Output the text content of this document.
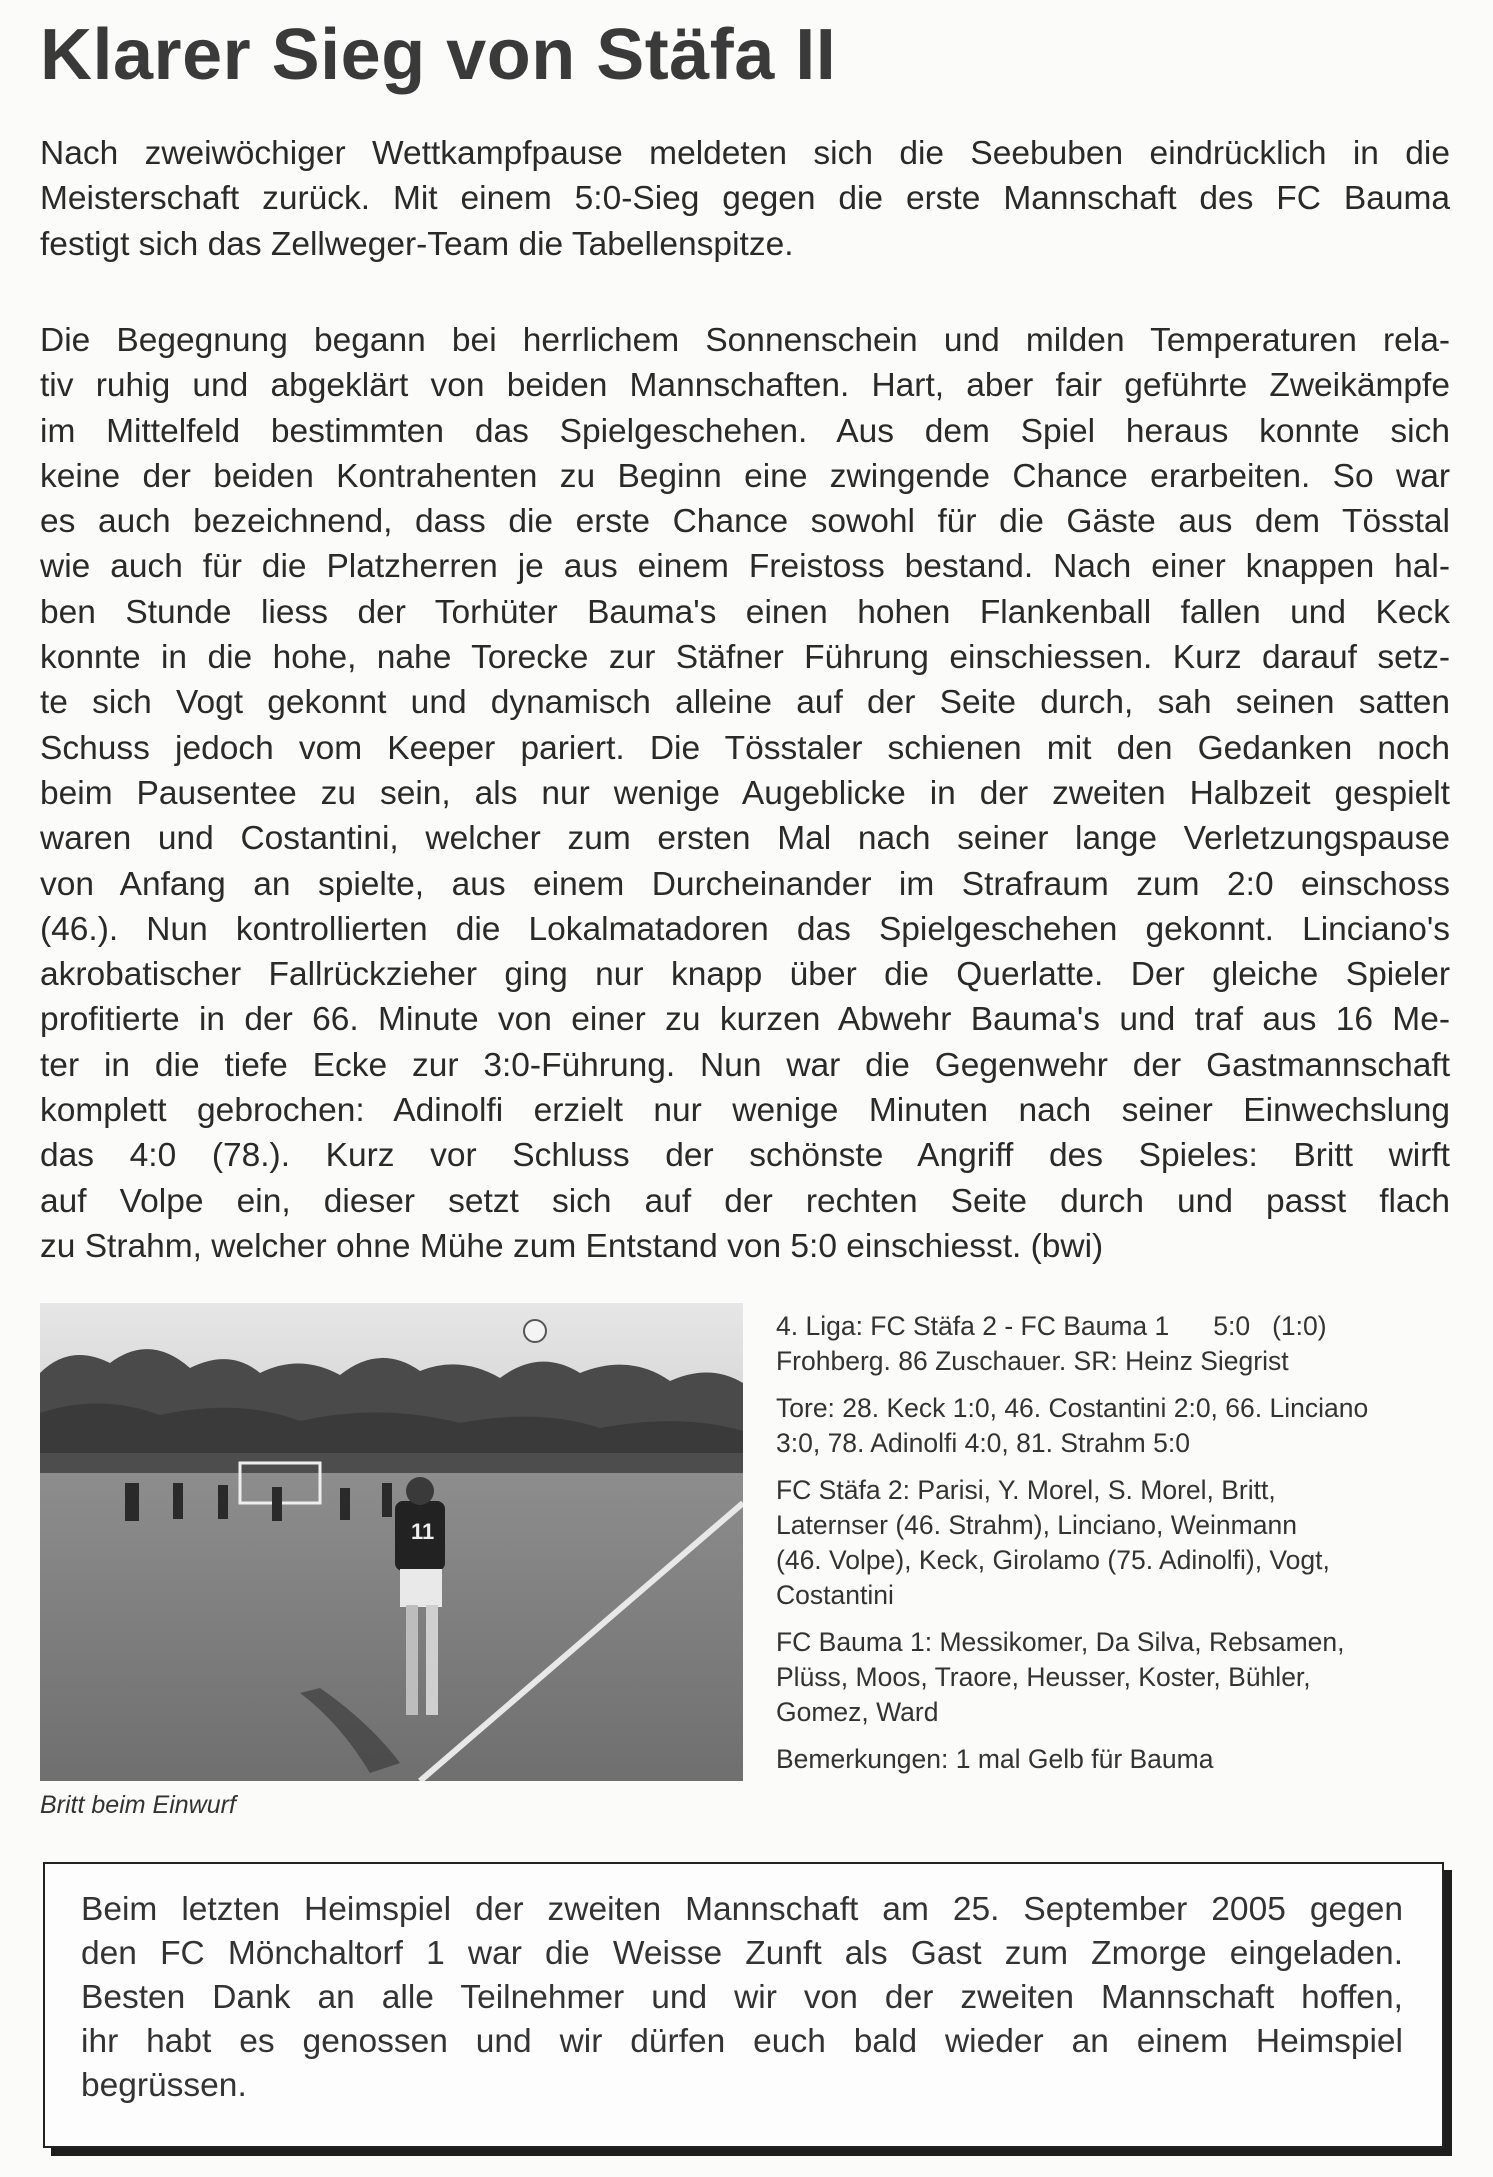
Klarer Sieg von Stäfa II
Nach zweiwöchiger Wettkampfpause meldeten sich die Seebuben eindrücklich in die
Meisterschaft zurück. Mit einem 5:0-Sieg gegen die erste Mannschaft des FC Bauma
festigt sich das Zellweger-Team die Tabellenspitze.
Die Begegnung begann bei herrlichem Sonnenschein und milden Temperaturen rela-
tiv ruhig und abgeklärt von beiden Mannschaften. Hart, aber fair geführte Zweikämpfe
im Mittelfeld bestimmten das Spielgeschehen. Aus dem Spiel heraus konnte sich
keine der beiden Kontrahenten zu Beginn eine zwingende Chance erarbeiten. So war
es auch bezeichnend, dass die erste Chance sowohl für die Gäste aus dem Tösstal
wie auch für die Platzherren je aus einem Freistoss bestand. Nach einer knappen hal-
ben Stunde liess der Torhüter Bauma's einen hohen Flankenball fallen und Keck
konnte in die hohe, nahe Torecke zur Stäfner Führung einschiessen. Kurz darauf setz-
te sich Vogt gekonnt und dynamisch alleine auf der Seite durch, sah seinen satten
Schuss jedoch vom Keeper pariert. Die Tösstaler schienen mit den Gedanken noch
beim Pausentee zu sein, als nur wenige Augeblicke in der zweiten Halbzeit gespielt
waren und Costantini, welcher zum ersten Mal nach seiner lange Verletzungspause
von Anfang an spielte, aus einem Durcheinander im Strafraum zum 2:0 einschoss
(46.). Nun kontrollierten die Lokalmatadoren das Spielgeschehen gekonnt. Linciano's
akrobatischer Fallrückzieher ging nur knapp über die Querlatte. Der gleiche Spieler
profitierte in der 66. Minute von einer zu kurzen Abwehr Bauma's und traf aus 16 Me-
ter in die tiefe Ecke zur 3:0-Führung. Nun war die Gegenwehr der Gastmannschaft
komplett gebrochen: Adinolfi erzielt nur wenige Minuten nach seiner Einwechslung
das 4:0 (78.). Kurz vor Schluss der schönste Angriff des Spieles: Britt wirft
auf Volpe ein, dieser setzt sich auf der rechten Seite durch und passt flach
zu Strahm, welcher ohne Mühe zum Entstand von 5:0 einschiesst. (bwi)
11

Britt beim Einwurf

4. Liga: FC Stäfa 2 - FC Bauma 1 5:0 (1:0)
Frohberg. 86 Zuschauer. SR: Heinz Siegrist

Tore: 28. Keck 1:0, 46. Costantini 2:0, 66. Linciano
3:0, 78. Adinolfi 4:0, 81. Strahm 5:0

FC Stäfa 2: Parisi, Y. Morel, S. Morel, Britt,
Laternser (46. Strahm), Linciano, Weinmann
(46. Volpe), Keck, Girolamo (75. Adinolfi), Vogt,
Costantini

FC Bauma 1: Messikomer, Da Silva, Rebsamen,
Plüss, Moos, Traore, Heusser, Koster, Bühler,
Gomez, Ward

Bemerkungen: 1 mal Gelb für Bauma

Beim letzten Heimspiel der zweiten Mannschaft am 25. September 2005 gegen
den FC Mönchaltorf 1 war die Weisse Zunft als Gast zum Zmorge eingeladen.
Besten Dank an alle Teilnehmer und wir von der zweiten Mannschaft hoffen,
ihr habt es genossen und wir dürfen euch bald wieder an einem Heimspiel
begrüssen.
